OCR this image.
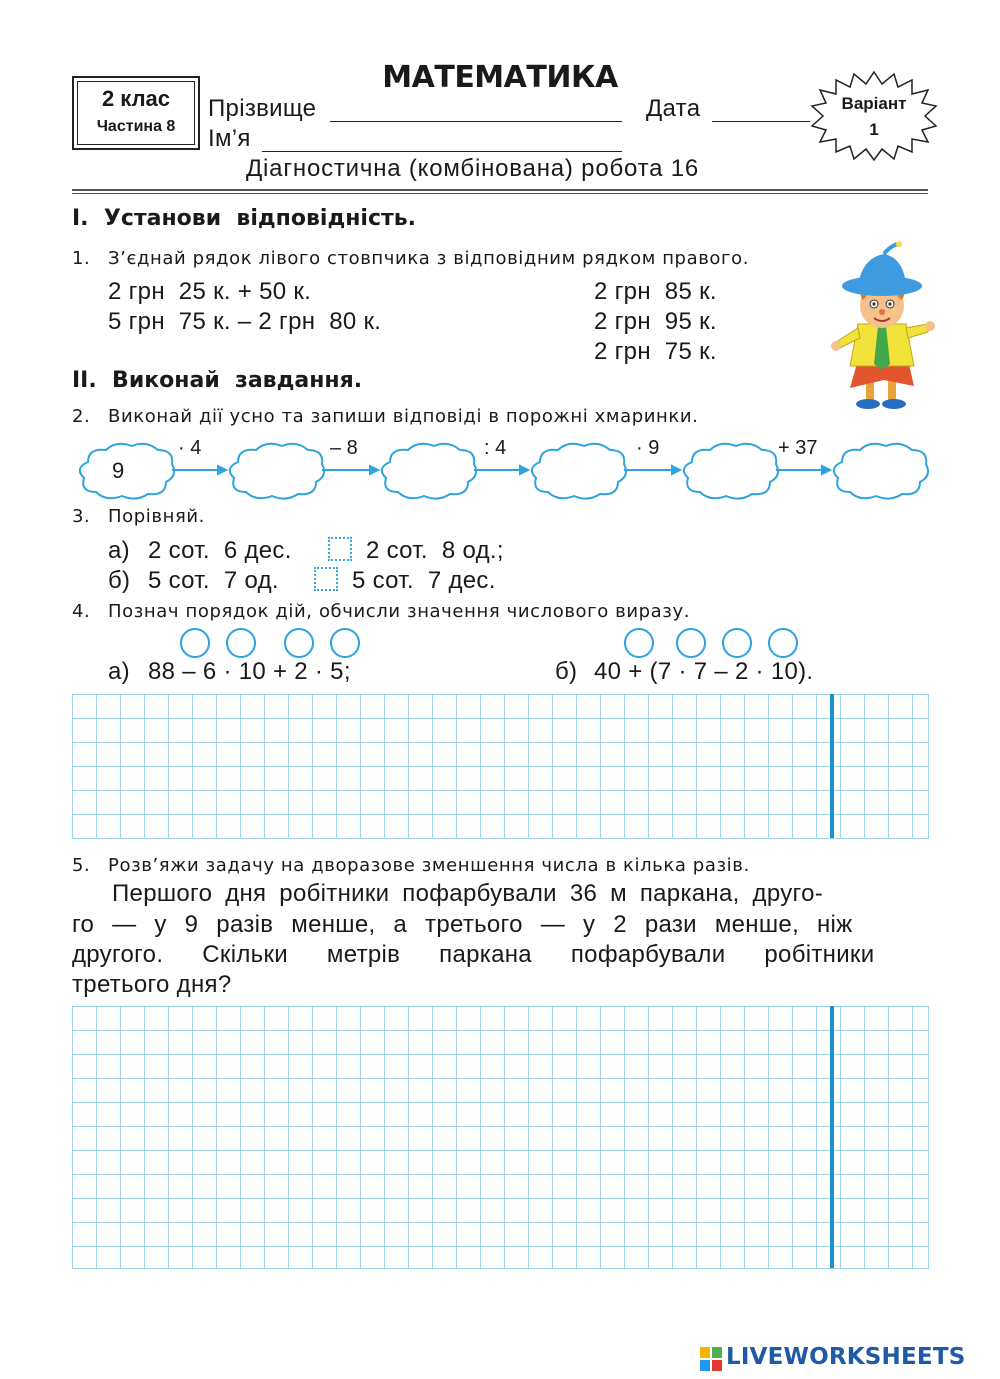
2 клас
Частина 8
МАТЕМАТИКА
Прізвище	Дата
Ім’я
Варіант
1
Діагностична (комбінована) робота 16
I.  Установи  відповідність.
1. З’єднай рядок лівого стовпчика з відповідним рядком правого.
2 грн  25 к. + 50 к.
5 грн  75 к. – 2 грн  80 к.
2 грн  85 к.
2 грн  95 к.
2 грн  75 к.
II.  Виконай  завдання.
2. Виконай дії усно та запиши відповіді в порожні хмаринки.
9
· 4	– 8	: 4	· 9	+ 37
3. Порівняй.
а) 2 сот.  6 дес.	2 сот.  8 од.;
б) 5 сот.  7 од.	5 сот.  7 дес.
4. Познач порядок дій, обчисли значення числового виразу.
а) 88 – 6 · 10 + 2 · 5;	б) 40 + (7 · 7 – 2 · 10).
5. Розв’яжи задачу на дворазове зменшення числа в кілька разів.
Першого дня робітники пофарбували 36 м паркана, друго-
го — у 9 разів менше, а третього — у 2 рази менше, ніж
другого. Скільки метрів паркана пофарбували робітники
третього дня?
LIVEWORKSHEETS
